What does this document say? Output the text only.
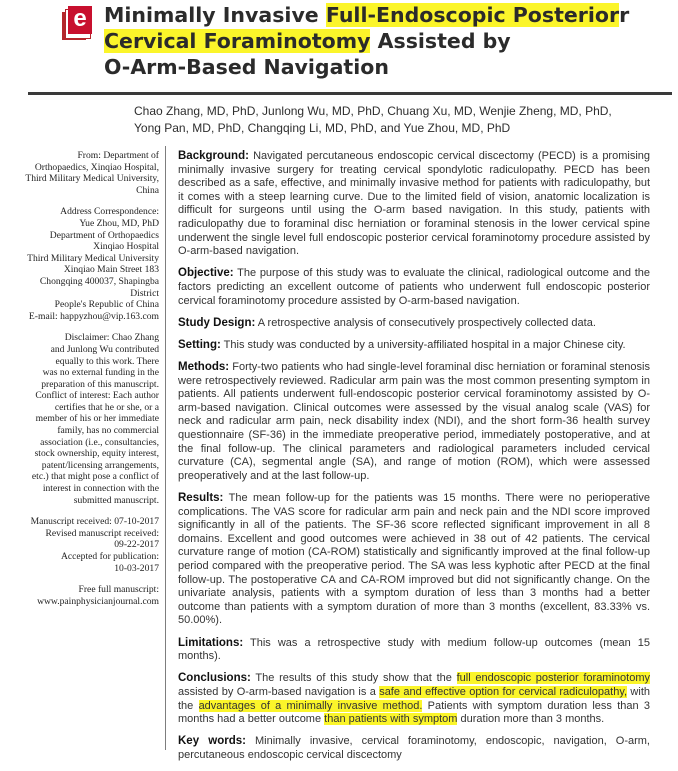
e Minimally Invasive Full-Endoscopic Posteriorr
Cervical Foraminotomy Assisted by
O-Arm-Based Navigation
Chao Zhang, MD, PhD, Junlong Wu, MD, PhD, Chuang Xu, MD, Wenjie Zheng, MD, PhD,
Yong Pan, MD, PhD, Changqing Li, MD, PhD, and Yue Zhou, MD, PhD

From: Department of
Orthopaedics, Xinqiao Hospital,
Third Military Medical University,
China

Address Correspondence:
Yue Zhou, MD, PhD
Department of Orthopaedics
Xinqiao Hospital
Third Military Medical University
Xinqiao Main Street 183
Chongqing 400037, Shapingba
District
People's Republic of China
E-mail: happyzhou@vip.163.com

Disclaimer: Chao Zhang
and Junlong Wu contributed
equally to this work. There
was no external funding in the
preparation of this manuscript.
Conflict of interest: Each author
certifies that he or she, or a
member of his or her immediate
family, has no commercial
association (i.e., consultancies,
stock ownership, equity interest,
patent/licensing arrangements,
etc.) that might pose a conflict of
interest in connection with the
submitted manuscript.

Manuscript received: 07-10-2017
Revised manuscript received:
09-22-2017
Accepted for publication:
10-03-2017

Free full manuscript:
www.painphysicianjournal.com

Background: Navigated percutaneous endoscopic cervical discectomy (PECD) is a promising minimally invasive surgery for treating cervical spondylotic radiculopathy. PECD has been described as a safe, effective, and minimally invasive method for patients with radiculopathy, but it comes with a steep learning curve. Due to the limited field of vision, anatomic localization is difficult for surgeons until using the O-arm based navigation. In this study, patients with radiculopathy due to foraminal disc herniation or foraminal stenosis in the lower cervical spine underwent the single level full endoscopic posterior cervical foraminotomy procedure assisted by O-arm-based navigation.

Objective: The purpose of this study was to evaluate the clinical, radiological outcome and the factors predicting an excellent outcome of patients who underwent full endoscopic posterior cervical foraminotomy procedure assisted by O-arm-based navigation.

Study Design: A retrospective analysis of consecutively prospectively collected data.

Setting: This study was conducted by a university-affiliated hospital in a major Chinese city.

Methods: Forty-two patients who had single-level foraminal disc herniation or foraminal stenosis were retrospectively reviewed. Radicular arm pain was the most common presenting symptom in patients. All patients underwent full-endoscopic posterior cervical foraminotomy assisted by O-arm-based navigation. Clinical outcomes were assessed by the visual analog scale (VAS) for neck and radicular arm pain, neck disability index (NDI), and the short form-36 health survey questionnaire (SF-36) in the immediate preoperative period, immediately postoperative, and at the final follow-up. The clinical parameters and radiological parameters included cervical curvature (CA), segmental angle (SA), and range of motion (ROM), which were assessed preoperatively and at the last follow-up.

Results: The mean follow-up for the patients was 15 months. There were no perioperative complications. The VAS score for radicular arm pain and neck pain and the NDI score improved significantly in all of the patients. The SF-36 score reflected significant improvement in all 8 domains. Excellent and good outcomes were achieved in 38 out of 42 patients. The cervical curvature range of motion (CA-ROM) statistically and significantly improved at the final follow-up period compared with the preoperative period. The SA was less kyphotic after PECD at the final follow-up. The postoperative CA and CA-ROM improved but did not significantly change. On the univariate analysis, patients with a symptom duration of less than 3 months had a better outcome than patients with a symptom duration of more than 3 months (excellent, 83.33% vs. 50.00%).

Limitations: This was a retrospective study with medium follow-up outcomes (mean 15 months).

Conclusions: The results of this study show that the full endoscopic posterior foraminotomy assisted by O-arm-based navigation is a safe and effective option for cervical radiculopathy, with the advantages of a minimally invasive method. Patients with symptom duration less than 3 months had a better outcome than patients with symptom duration more than 3 months.

Key words: Minimally invasive, cervical foraminotomy, endoscopic, navigation, O-arm, percutaneous endoscopic cervical discectomy
